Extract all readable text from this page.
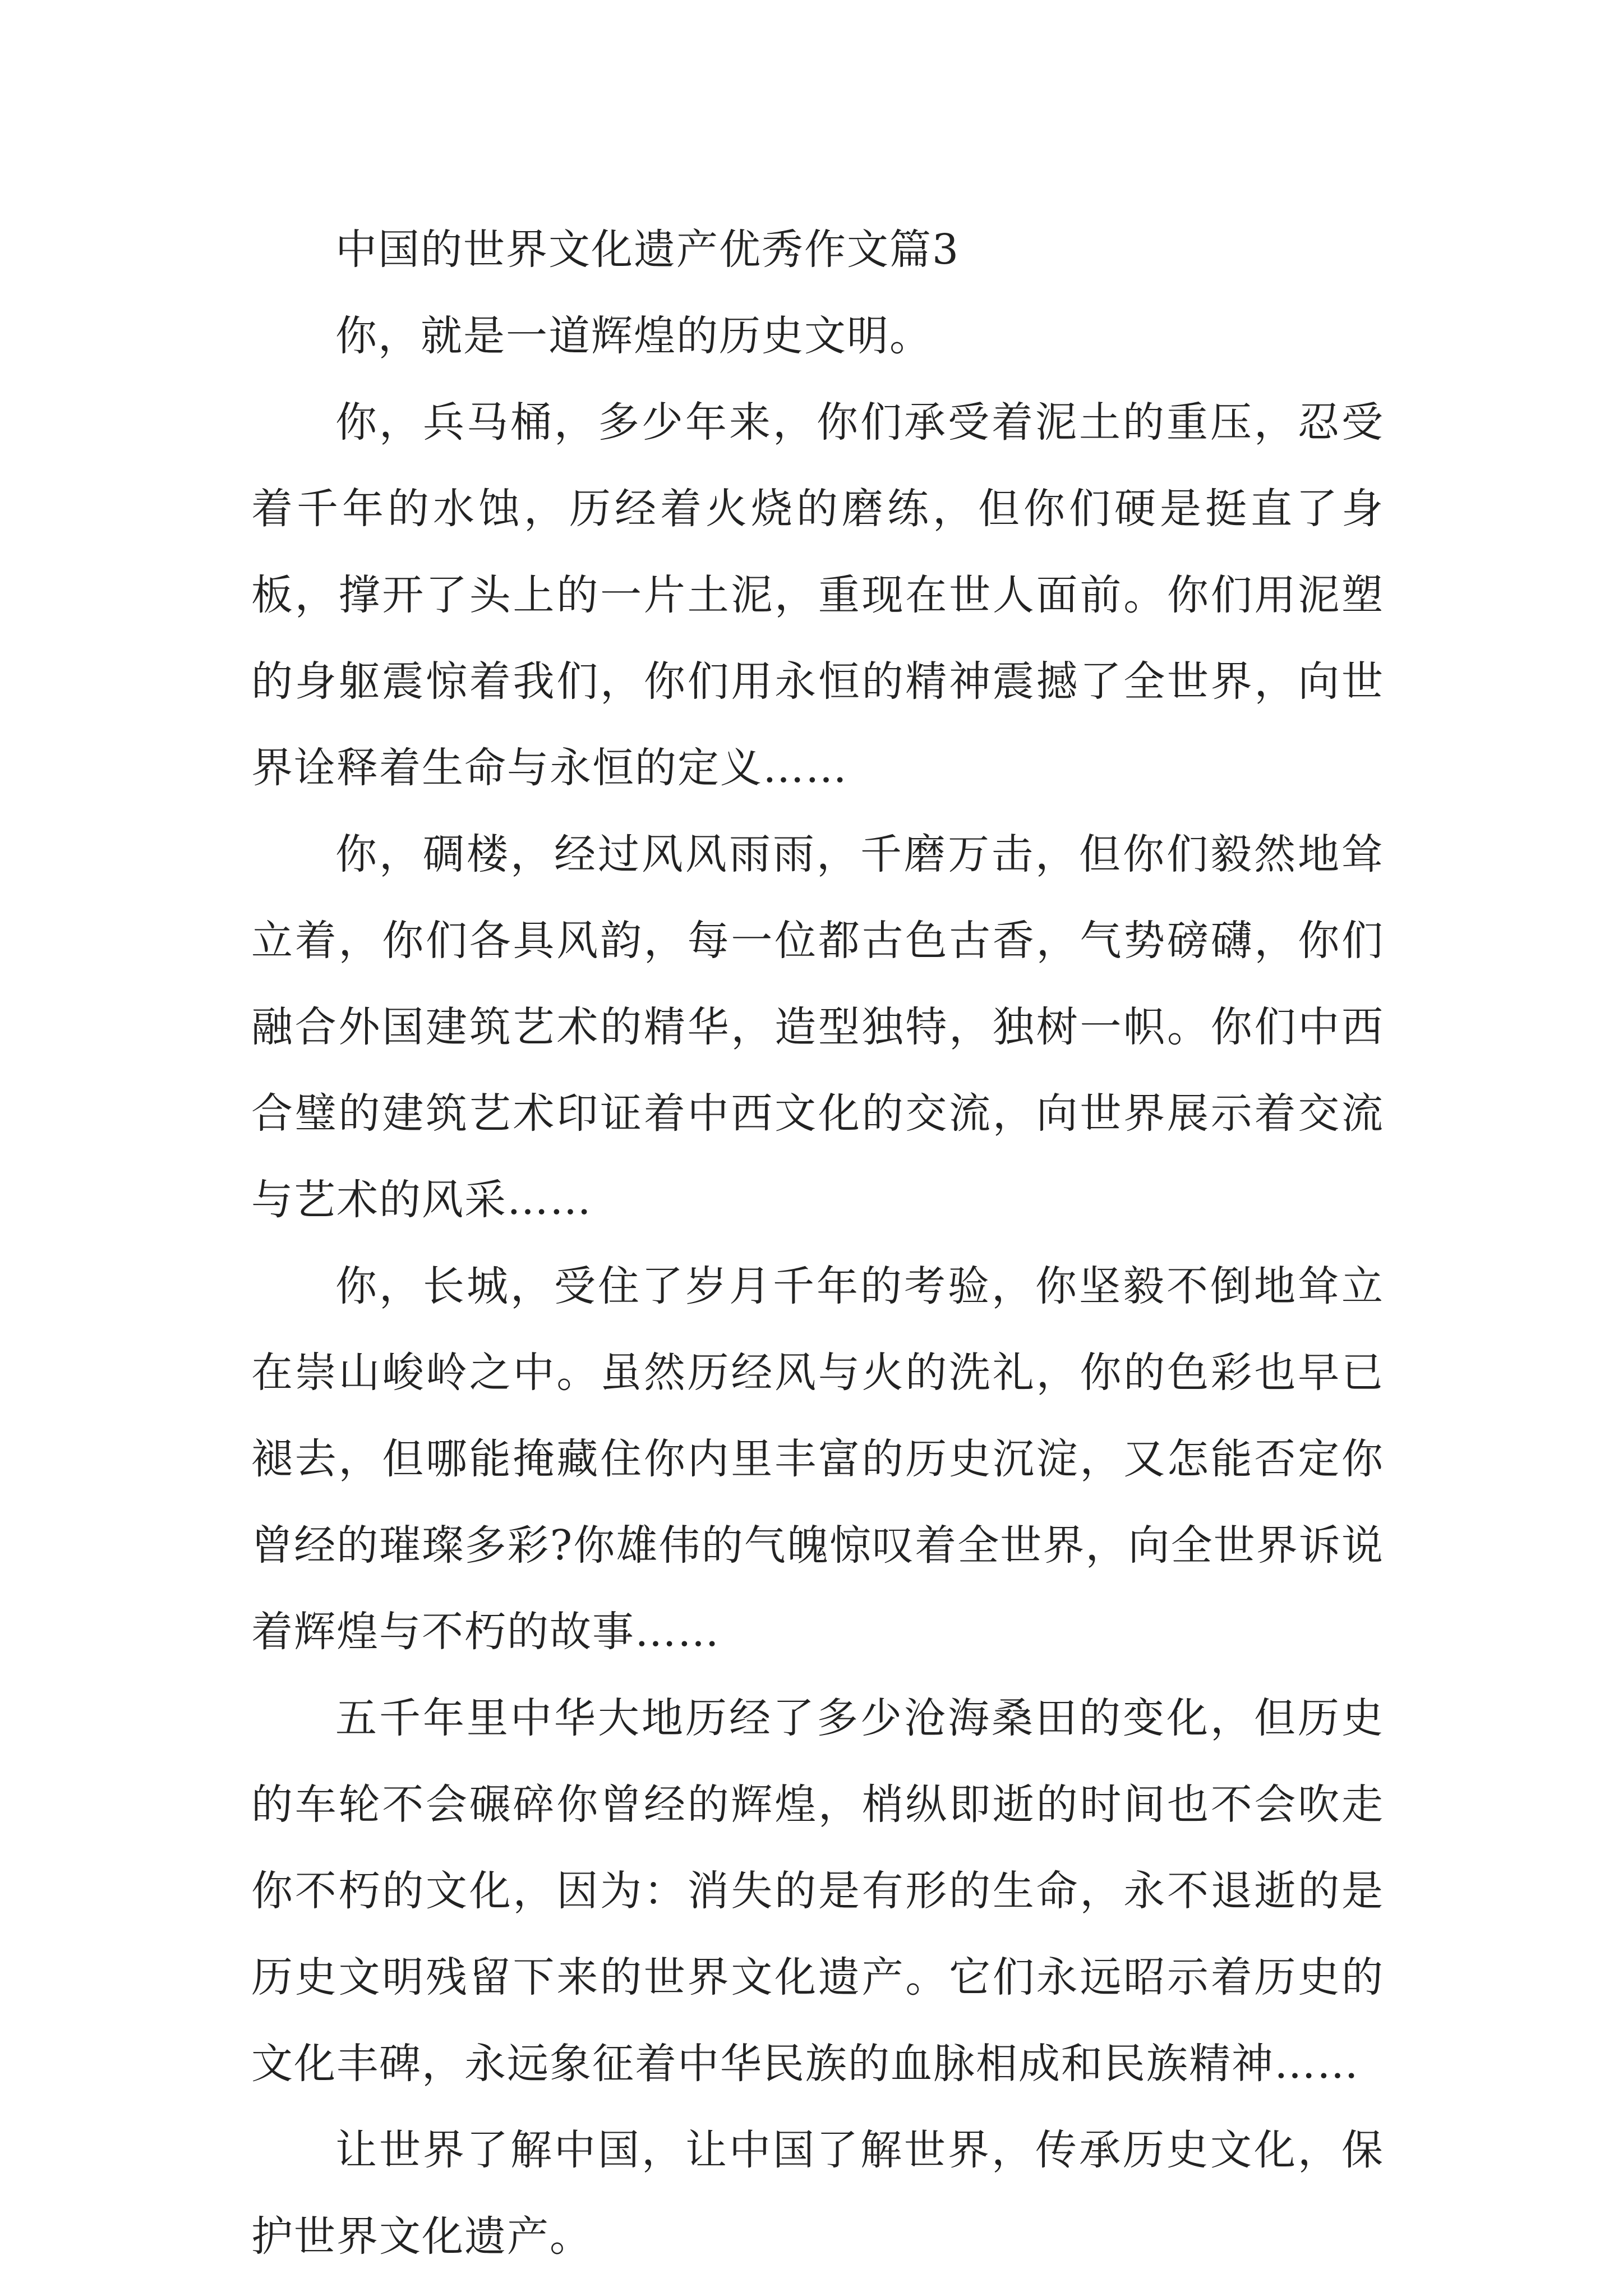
中国的世界文化遗产优秀作文篇3

你，就是一道辉煌的历史文明。

你，兵马桶，多少年来，你们承受着泥土的重压，忍受着千年的水蚀，历经着火烧的磨练，但你们硬是挺直了身板，撑开了头上的一片土泥，重现在世人面前。你们用泥塑的身躯震惊着我们，你们用永恒的精神震撼了全世界，向世界诠释着生命与永恒的定义……

你，碉楼，经过风风雨雨，千磨万击，但你们毅然地耸立着，你们各具风韵，每一位都古色古香，气势磅礴，你们融合外国建筑艺术的精华，造型独特，独树一帜。你们中西合璧的建筑艺术印证着中西文化的交流，向世界展示着交流与艺术的风采……

你，长城，受住了岁月千年的考验，你坚毅不倒地耸立在崇山峻岭之中。虽然历经风与火的洗礼，你的色彩也早已褪去，但哪能掩藏住你内里丰富的历史沉淀，又怎能否定你曾经的璀璨多彩?你雄伟的气魄惊叹着全世界，向全世界诉说着辉煌与不朽的故事……

五千年里中华大地历经了多少沧海桑田的变化，但历史的车轮不会碾碎你曾经的辉煌，梢纵即逝的时间也不会吹走你不朽的文化，因为：消失的是有形的生命，永不退逝的是历史文明残留下来的世界文化遗产。它们永远昭示着历史的文化丰碑，永远象征着中华民族的血脉相成和民族精神……

让世界了解中国，让中国了解世界，传承历史文化，保护世界文化遗产。
